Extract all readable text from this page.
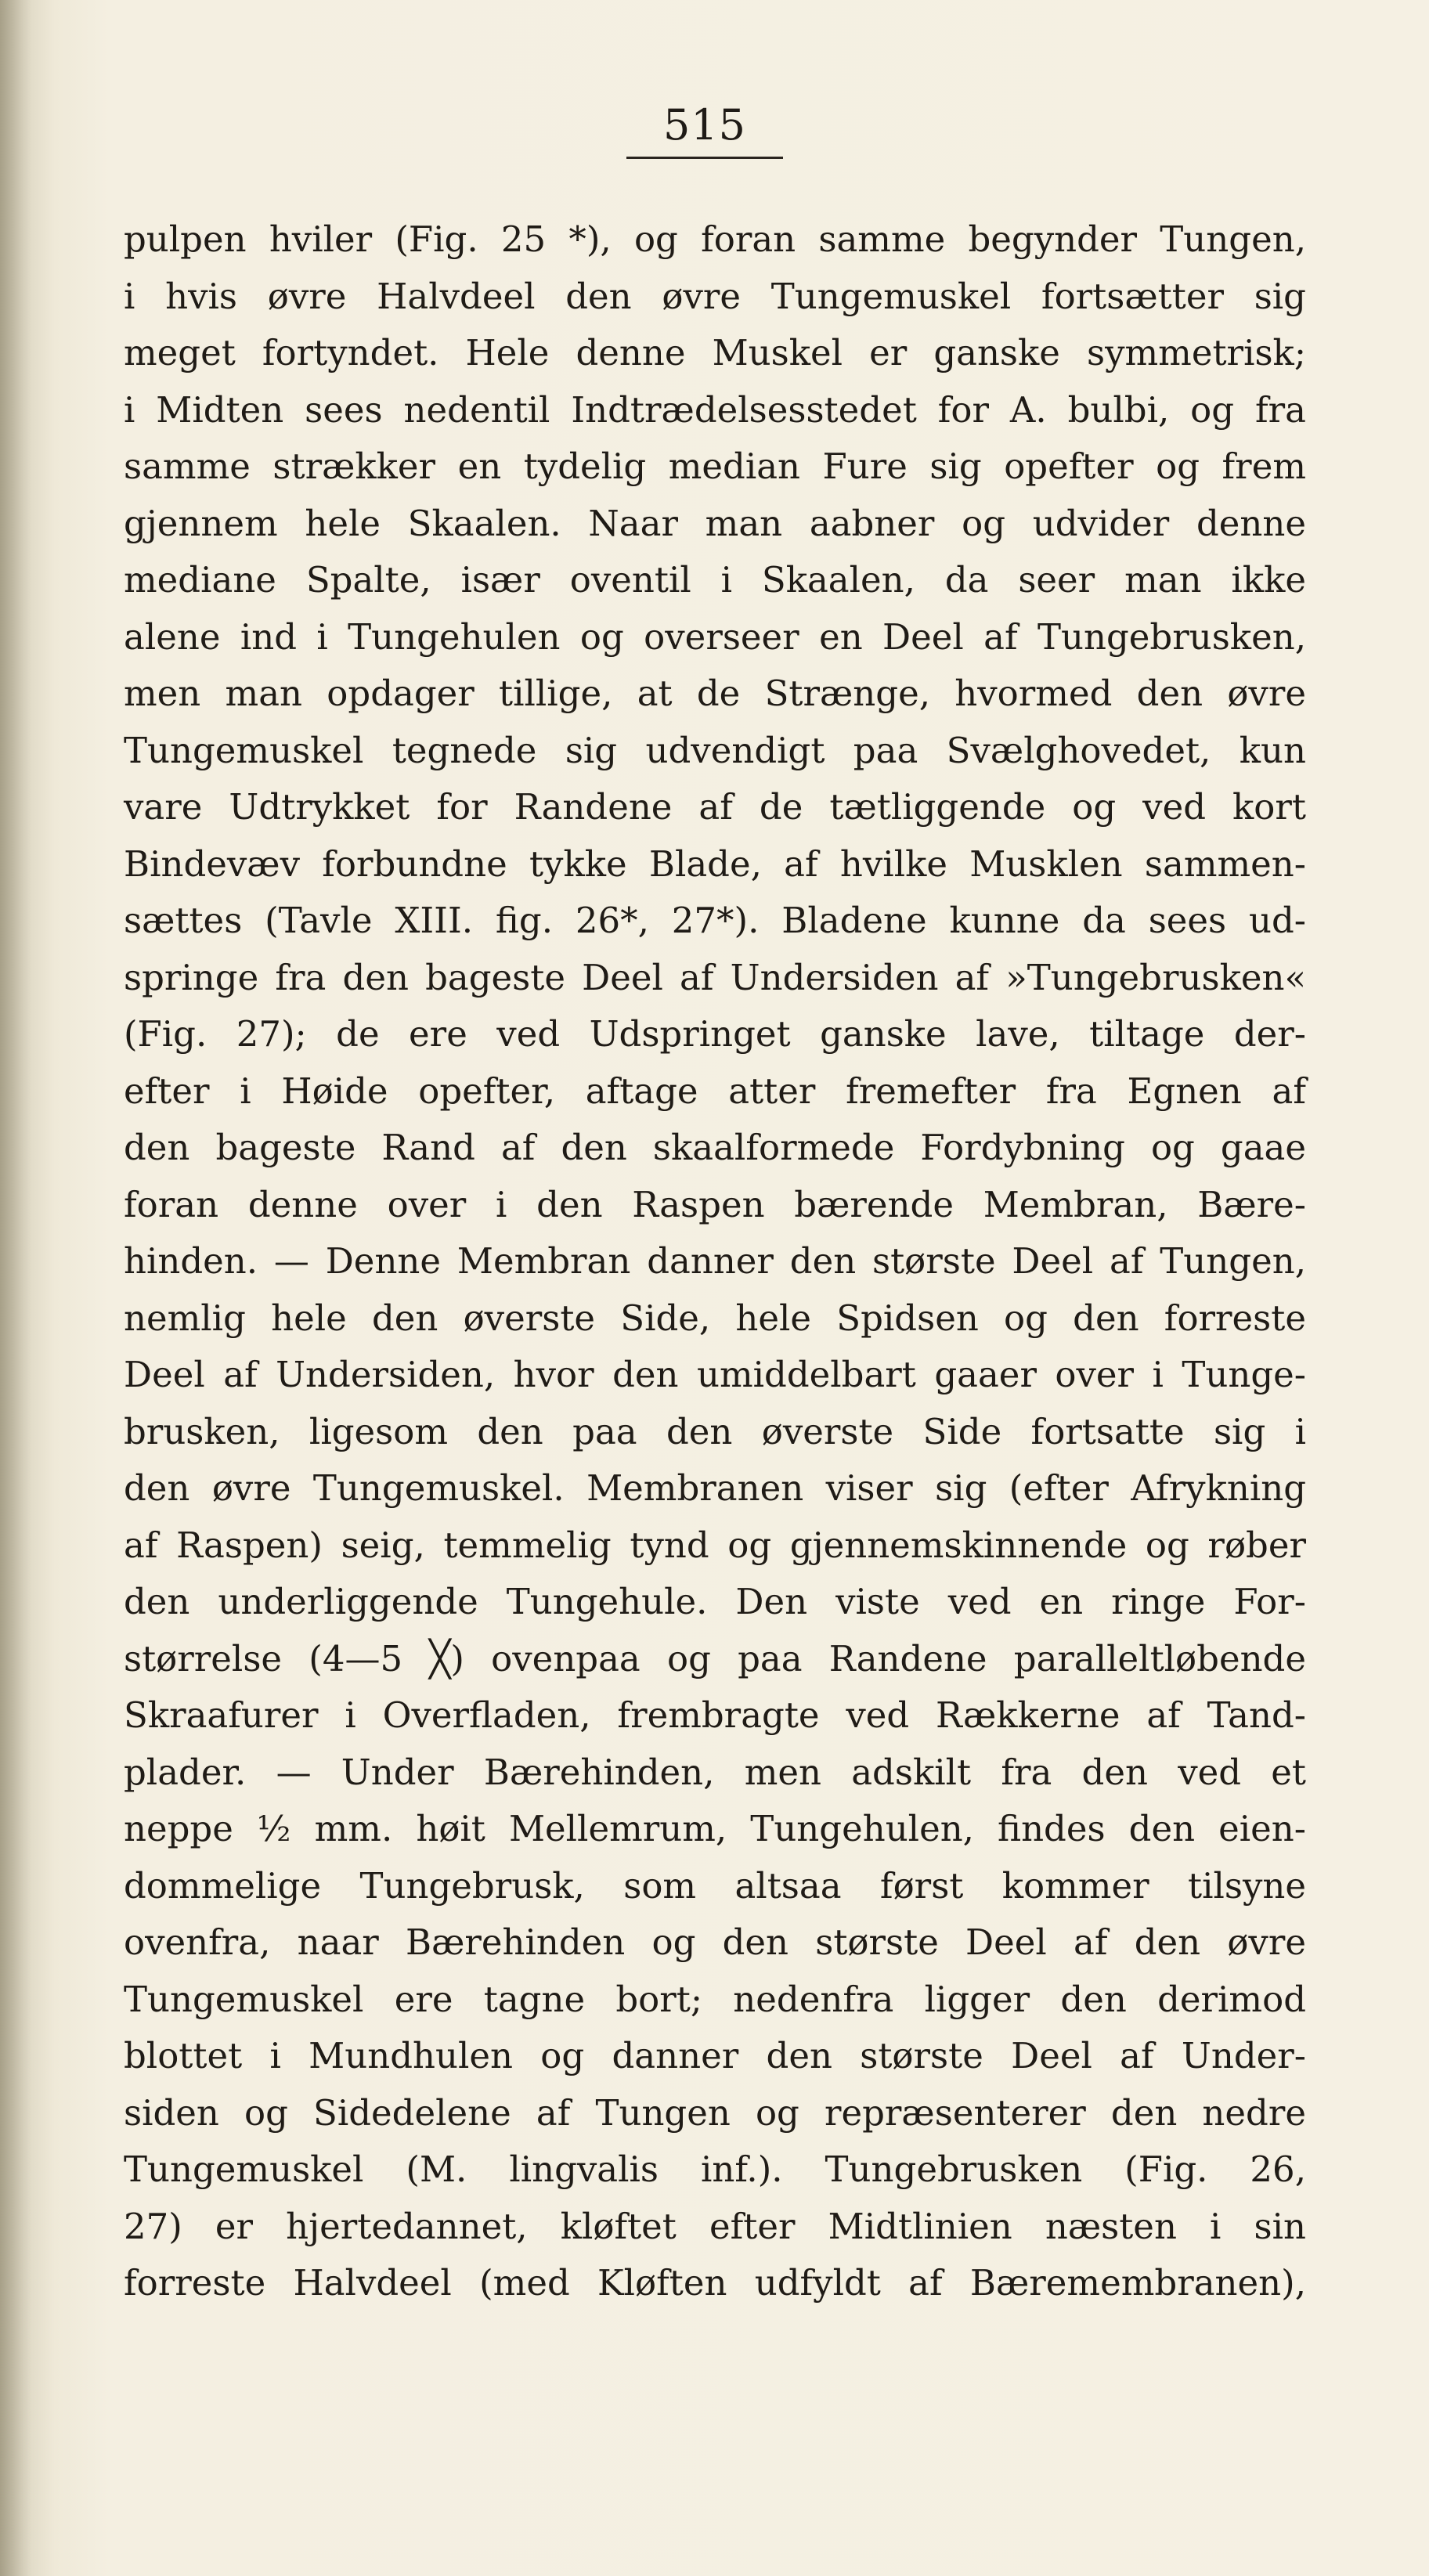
515
pulpen hviler (Fig. 25 *), og foran samme begynder Tungen,
i hvis øvre Halvdeel den øvre Tungemuskel fortsætter sig
meget fortyndet. Hele denne Muskel er ganske symmetrisk;
i Midten sees nedentil Indtrædelsesstedet for A. bulbi, og fra
samme strækker en tydelig median Fure sig opefter og frem
gjennem hele Skaalen. Naar man aabner og udvider denne
mediane Spalte, især oventil i Skaalen, da seer man ikke
alene ind i Tungehulen og overseer en Deel af Tungebrusken,
men man opdager tillige, at de Strænge, hvormed den øvre
Tungemuskel tegnede sig udvendigt paa Svælghovedet, kun
vare Udtrykket for Randene af de tætliggende og ved kort
Bindevæv forbundne tykke Blade, af hvilke Musklen sammen-
sættes (Tavle XIII. fig. 26*, 27*). Bladene kunne da sees ud-
springe fra den bageste Deel af Undersiden af »Tungebrusken«
(Fig. 27); de ere ved Udspringet ganske lave, tiltage der-
efter i Høide opefter, aftage atter fremefter fra Egnen af
den bageste Rand af den skaalformede Fordybning og gaae
foran denne over i den Raspen bærende Membran, Bære-
hinden. — Denne Membran danner den største Deel af Tungen,
nemlig hele den øverste Side, hele Spidsen og den forreste
Deel af Undersiden, hvor den umiddelbart gaaer over i Tunge-
brusken, ligesom den paa den øverste Side fortsatte sig i
den øvre Tungemuskel. Membranen viser sig (efter Afrykning
af Raspen) seig, temmelig tynd og gjennemskinnende og røber
den underliggende Tungehule. Den viste ved en ringe For-
størrelse (4—5 ╳) ovenpaa og paa Randene paralleltløbende
Skraafurer i Overfladen, frembragte ved Rækkerne af Tand-
plader. — Under Bærehinden, men adskilt fra den ved et
neppe ½ mm. høit Mellemrum, Tungehulen, findes den eien-
dommelige Tungebrusk, som altsaa først kommer tilsyne
ovenfra, naar Bærehinden og den største Deel af den øvre
Tungemuskel ere tagne bort; nedenfra ligger den derimod
blottet i Mundhulen og danner den største Deel af Under-
siden og Sidedelene af Tungen og repræsenterer den nedre
Tungemuskel (M. lingvalis inf.). Tungebrusken (Fig. 26,
27) er hjertedannet, kløftet efter Midtlinien næsten i sin
forreste Halvdeel (med Kløften udfyldt af Bæremembranen),
